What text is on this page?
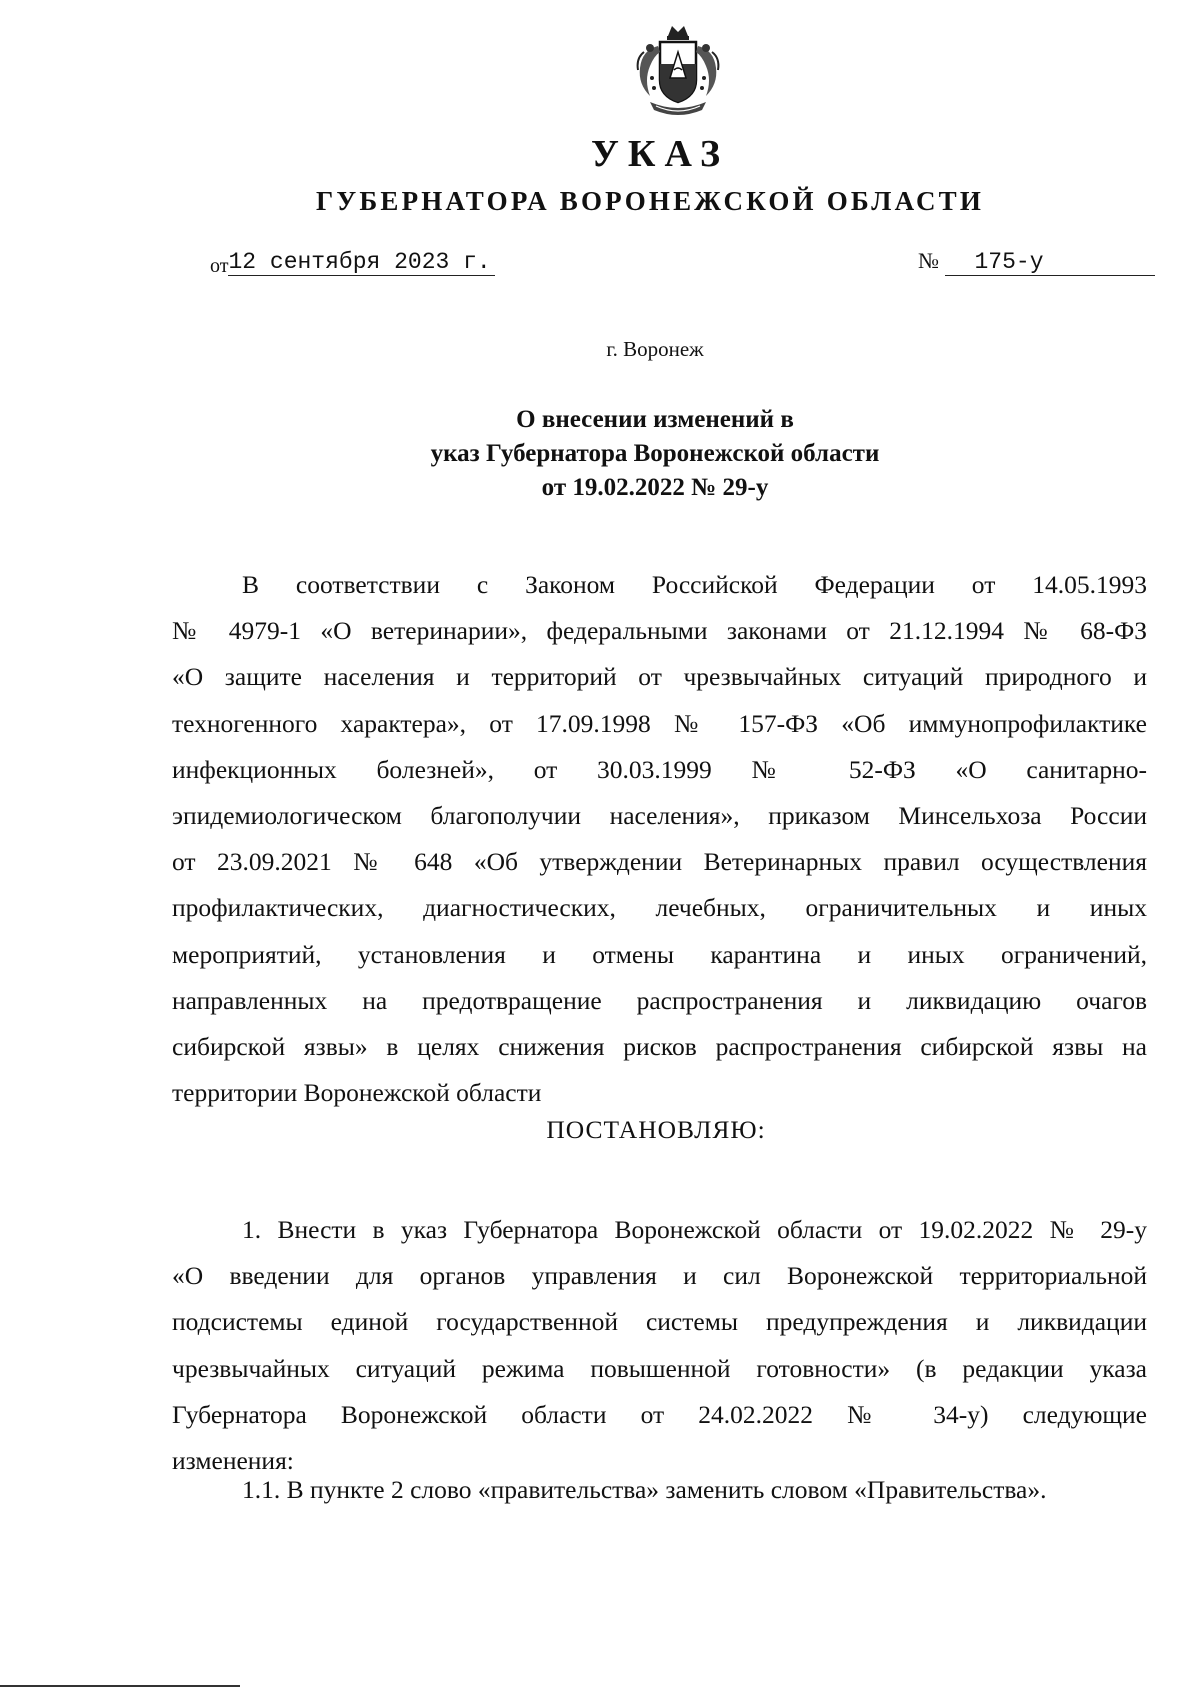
УКАЗ
ГУБЕРНАТОРА ВОРОНЕЖСКОЙ ОБЛАСТИ
от12 сентября 2023 г.	№ 175-у
г. Воронеж
О внесении изменений в
указ Губернатора Воронежской области
от 19.02.2022 № 29-у
В соответствии с Законом Российской Федерации от 14.05.1993
№ 4979-1 «О ветеринарии», федеральными законами от 21.12.1994 № 68-ФЗ
«О защите населения и территорий от чрезвычайных ситуаций природного и
техногенного характера», от 17.09.1998 № 157-ФЗ «Об иммунопрофилактике
инфекционных болезней», от 30.03.1999 № 52-ФЗ «О санитарно-
эпидемиологическом благополучии населения», приказом Минсельхоза России
от 23.09.2021 № 648 «Об утверждении Ветеринарных правил осуществления
профилактических, диагностических, лечебных, ограничительных и иных
мероприятий, установления и отмены карантина и иных ограничений,
направленных на предотвращение распространения и ликвидацию очагов
сибирской язвы» в целях снижения рисков распространения сибирской язвы на
территории Воронежской области
ПОСТАНОВЛЯЮ:
1. Внести в указ Губернатора Воронежской области от 19.02.2022 № 29-у
«О введении для органов управления и сил Воронежской территориальной
подсистемы единой государственной системы предупреждения и ликвидации
чрезвычайных ситуаций режима повышенной готовности» (в редакции указа
Губернатора Воронежской области от 24.02.2022 № 34-у) следующие
изменения:
1.1. В пункте 2 слово «правительства» заменить словом «Правительства».
